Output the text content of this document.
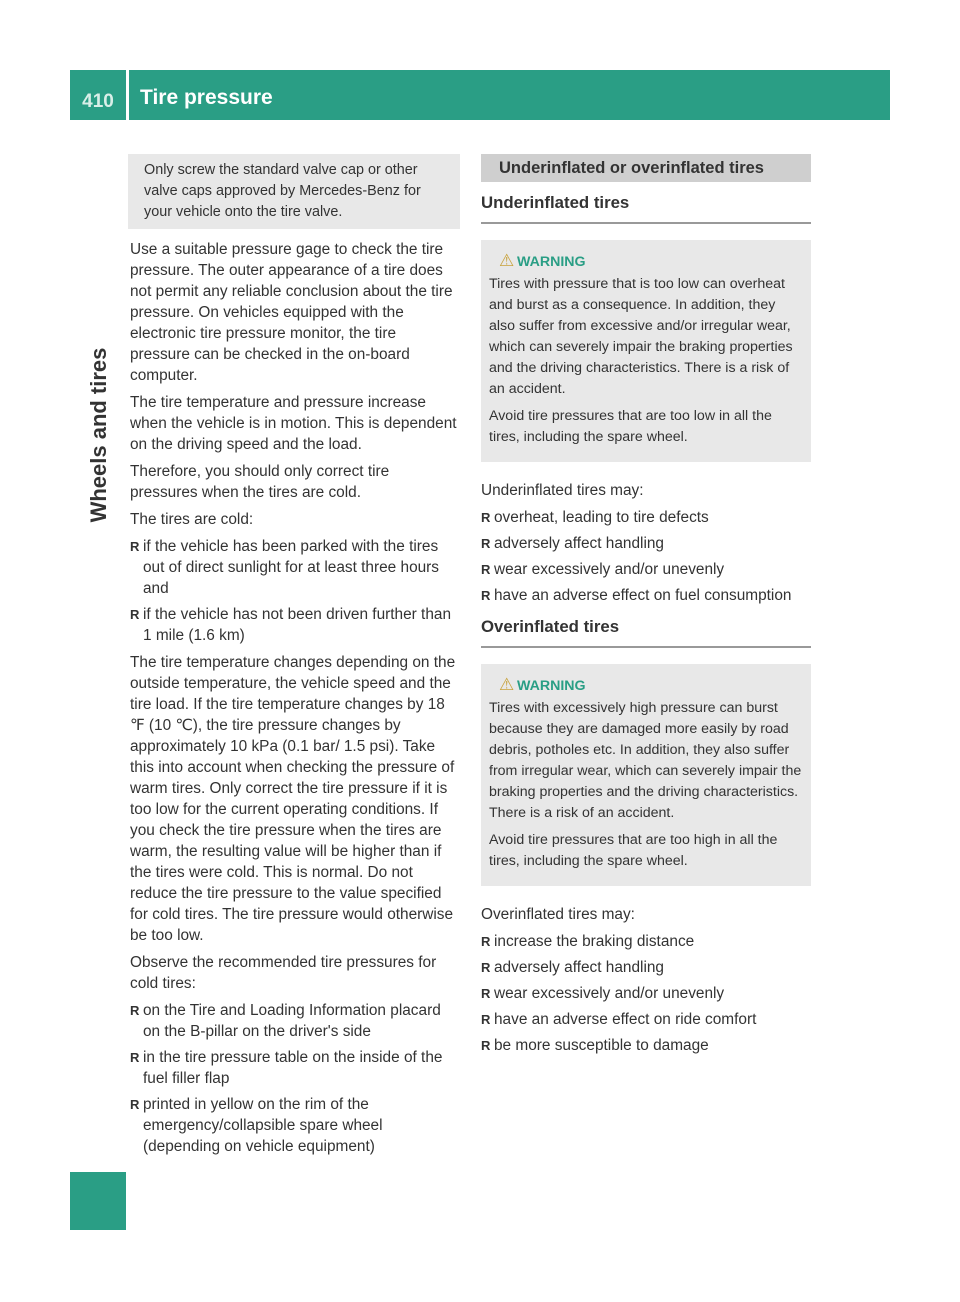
410	Tire pressure
Wheels and tires
Only screw the standard valve cap or other valve caps approved by Mercedes-Benz for your vehicle onto the tire valve.

Use a suitable pressure gage to check the tire pressure. The outer appearance of a tire does not permit any reliable conclusion about the tire pressure. On vehicles equipped with the electronic tire pressure monitor, the tire pressure can be checked in the on-board computer.

The tire temperature and pressure increase when the vehicle is in motion. This is dependent on the driving speed and the load.

Therefore, you should only correct tire pressures when the tires are cold.

The tires are cold:

R if the vehicle has been parked with the tires out of direct sunlight for at least three hours and
R if the vehicle has not been driven further than 1 mile (1.6 km)

The tire temperature changes depending on the outside temperature, the vehicle speed and the tire load. If the tire temperature changes by 18 ℉ (10 ℃), the tire pressure changes by approximately 10 kPa (0.1 bar/ 1.5 psi). Take this into account when checking the pressure of warm tires. Only correct the tire pressure if it is too low for the current operating conditions. If you check the tire pressure when the tires are warm, the resulting value will be higher than if the tires were cold. This is normal. Do not reduce the tire pressure to the value specified for cold tires. The tire pressure would otherwise be too low.

Observe the recommended tire pressures for cold tires:

R on the Tire and Loading Information placard on the B-pillar on the driver's side
R in the tire pressure table on the inside of the fuel filler flap
R printed in yellow on the rim of the emergency/collapsible spare wheel (depending on vehicle equipment)
Underinflated or overinflated tires
Underinflated tires
⚠ WARNING

Tires with pressure that is too low can overheat and burst as a consequence. In addition, they also suffer from excessive and/or irregular wear, which can severely impair the braking properties and the driving characteristics. There is a risk of an accident.

Avoid tire pressures that are too low in all the tires, including the spare wheel.

Underinflated tires may:

R overheat, leading to tire defects
R adversely affect handling
R wear excessively and/or unevenly
R have an adverse effect on fuel consumption
Overinflated tires
⚠ WARNING

Tires with excessively high pressure can burst because they are damaged more easily by road debris, potholes etc. In addition, they also suffer from irregular wear, which can severely impair the braking properties and the driving characteristics. There is a risk of an accident.

Avoid tire pressures that are too high in all the tires, including the spare wheel.

Overinflated tires may:

R increase the braking distance
R adversely affect handling
R wear excessively and/or unevenly
R have an adverse effect on ride comfort
R be more susceptible to damage
